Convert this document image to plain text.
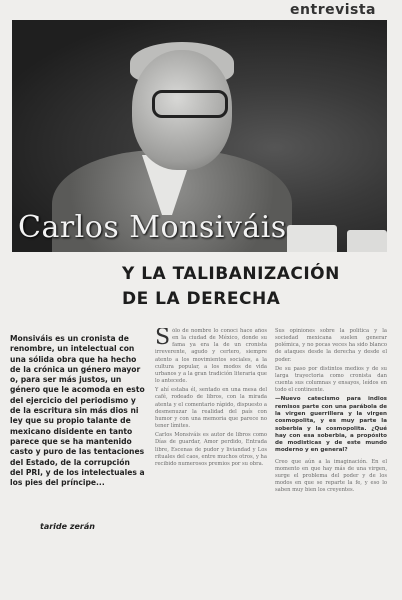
entrevista
Carlos Monsiváis
Y LA TALIBANIZACIÓN
DE LA DERECHA
Monsiváis es un cronista de renombre, un intelectual con una sólida obra que ha hecho de la crónica un género mayor o, para ser más justos, un género que le acomoda en esto del ejercicio del periodismo y de la escritura sin más dios ni ley que su propio talante de mexicano disidente en tanto parece que se ha mantenido casto y puro de las tentaciones del Estado, de la corrupción del PRI, y de los intelectuales a los pies del príncipe...
taride zerán
S ólo de nombre lo conocí hace años en la ciudad de México, donde su fama ya era la de un cronista irreverente, agudo y certero, siempre atento a los movimientos sociales, a la cultura popular, a los modos de vida urbanos y a la gran tradición literaria que lo antecede.

Y ahí estaba él, sentado en una mesa del café, rodeado de libros, con la mirada atenta y el comentario rápido, dispuesto a desmenuzar la realidad del país con humor y con una memoria que parece no tener límites.

Carlos Monsiváis es autor de libros como Días de guardar, Amor perdido, Entrada libre, Escenas de pudor y liviandad y Los rituales del caos, entre muchos otros, y ha recibido numerosos premios por su obra.

Sus opiniones sobre la política y la sociedad mexicana suelen generar polémica, y no pocas veces ha sido blanco de ataques desde la derecha y desde el poder.

De su paso por distintos medios y de su larga trayectoria como cronista dan cuenta sus columnas y ensayos, leídos en todo el continente.

—Nuevo catecismo para indios remisos parte con una parábola de la virgen guerrillera y la virgen cosmopolita, y es muy parte la soberbia y la cosmopolita. ¿Qué hay con esa soberbia, a propósito de modisticas y de este mundo moderno y en general?

Creo que aún a la imaginación. En el momento en que hay más de una virgen, surge el problema del poder y de los modos en que se reparte la fe, y eso lo saben muy bien los creyentes.
